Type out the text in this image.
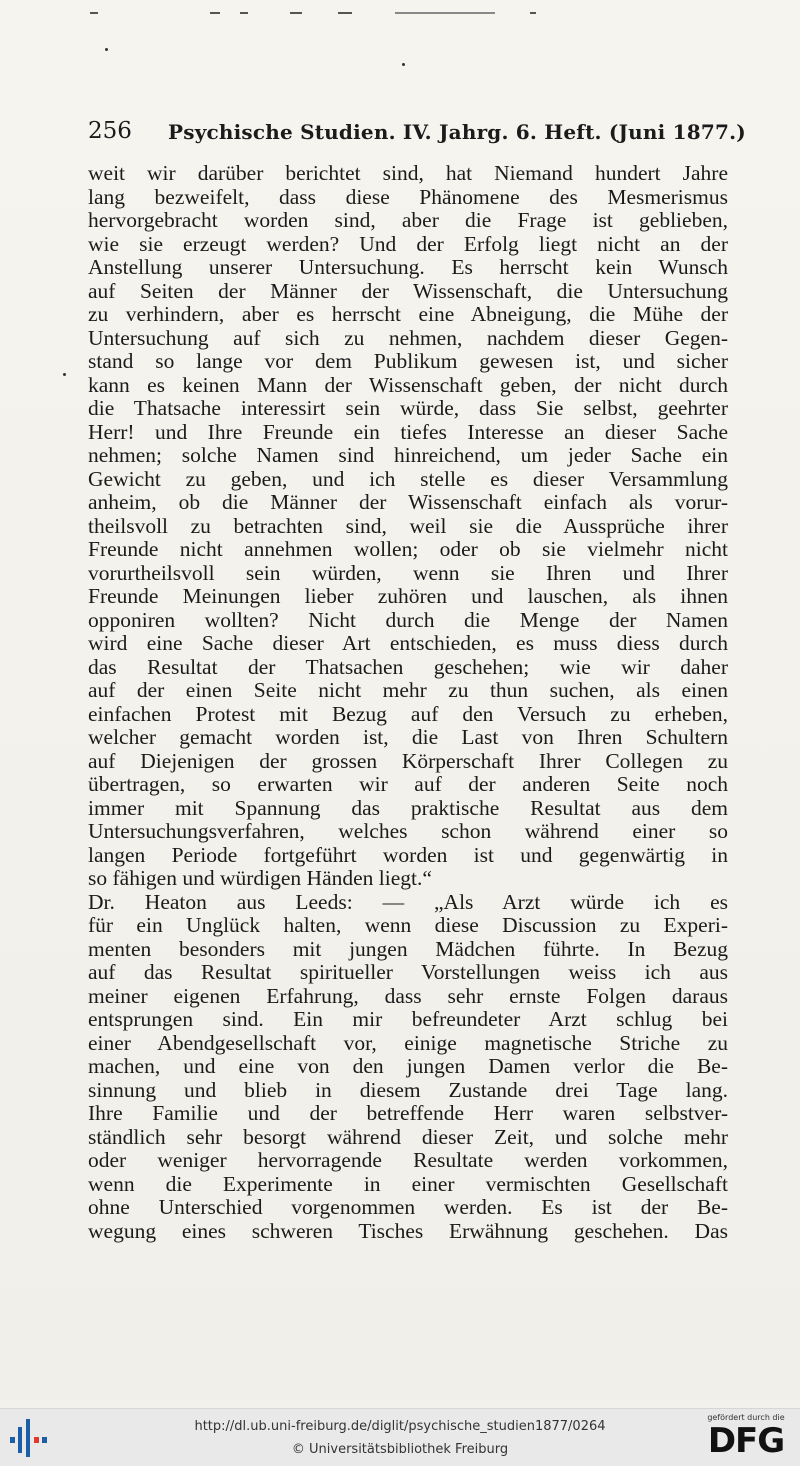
256 Psychische Studien. IV. Jahrg. 6. Heft. (Juni 1877.)
weit wir darüber berichtet sind, hat Niemand hundert Jahre
lang bezweifelt, dass diese Phänomene des Mesmerismus
hervorgebracht worden sind, aber die Frage ist geblieben,
wie sie erzeugt werden? Und der Erfolg liegt nicht an der
Anstellung unserer Untersuchung. Es herrscht kein Wunsch
auf Seiten der Männer der Wissenschaft, die Untersuchung
zu verhindern, aber es herrscht eine Abneigung, die Mühe der
Untersuchung auf sich zu nehmen, nachdem dieser Gegen-
stand so lange vor dem Publikum gewesen ist, und sicher
kann es keinen Mann der Wissenschaft geben, der nicht durch
die Thatsache interessirt sein würde, dass Sie selbst, geehrter
Herr! und Ihre Freunde ein tiefes Interesse an dieser Sache
nehmen; solche Namen sind hinreichend, um jeder Sache ein
Gewicht zu geben, und ich stelle es dieser Versammlung
anheim, ob die Männer der Wissenschaft einfach als vorur-
theilsvoll zu betrachten sind, weil sie die Aussprüche ihrer
Freunde nicht annehmen wollen; oder ob sie vielmehr nicht
vorurtheilsvoll sein würden, wenn sie Ihren und Ihrer
Freunde Meinungen lieber zuhören und lauschen, als ihnen
opponiren wollten? Nicht durch die Menge der Namen
wird eine Sache dieser Art entschieden, es muss diess durch
das Resultat der Thatsachen geschehen; wie wir daher
auf der einen Seite nicht mehr zu thun suchen, als einen
einfachen Protest mit Bezug auf den Versuch zu erheben,
welcher gemacht worden ist, die Last von Ihren Schultern
auf Diejenigen der grossen Körperschaft Ihrer Collegen zu
übertragen, so erwarten wir auf der anderen Seite noch
immer mit Spannung das praktische Resultat aus dem
Untersuchungsverfahren, welches schon während einer so
langen Periode fortgeführt worden ist und gegenwärtig in
so fähigen und würdigen Händen liegt.“
Dr. Heaton aus Leeds: — „Als Arzt würde ich es
für ein Unglück halten, wenn diese Discussion zu Experi-
menten besonders mit jungen Mädchen führte. In Bezug
auf das Resultat spiritueller Vorstellungen weiss ich aus
meiner eigenen Erfahrung, dass sehr ernste Folgen daraus
entsprungen sind. Ein mir befreundeter Arzt schlug bei
einer Abendgesellschaft vor, einige magnetische Striche zu
machen, und eine von den jungen Damen verlor die Be-
sinnung und blieb in diesem Zustande drei Tage lang.
Ihre Familie und der betreffende Herr waren selbstver-
ständlich sehr besorgt während dieser Zeit, und solche mehr
oder weniger hervorragende Resultate werden vorkommen,
wenn die Experimente in einer vermischten Gesellschaft
ohne Unterschied vorgenommen werden. Es ist der Be-
wegung eines schweren Tisches Erwähnung geschehen. Das
http://dl.ub.uni-freiburg.de/diglit/psychische_studien1877/0264
© Universitätsbibliothek Freiburg
gefördert durch die
DFG
